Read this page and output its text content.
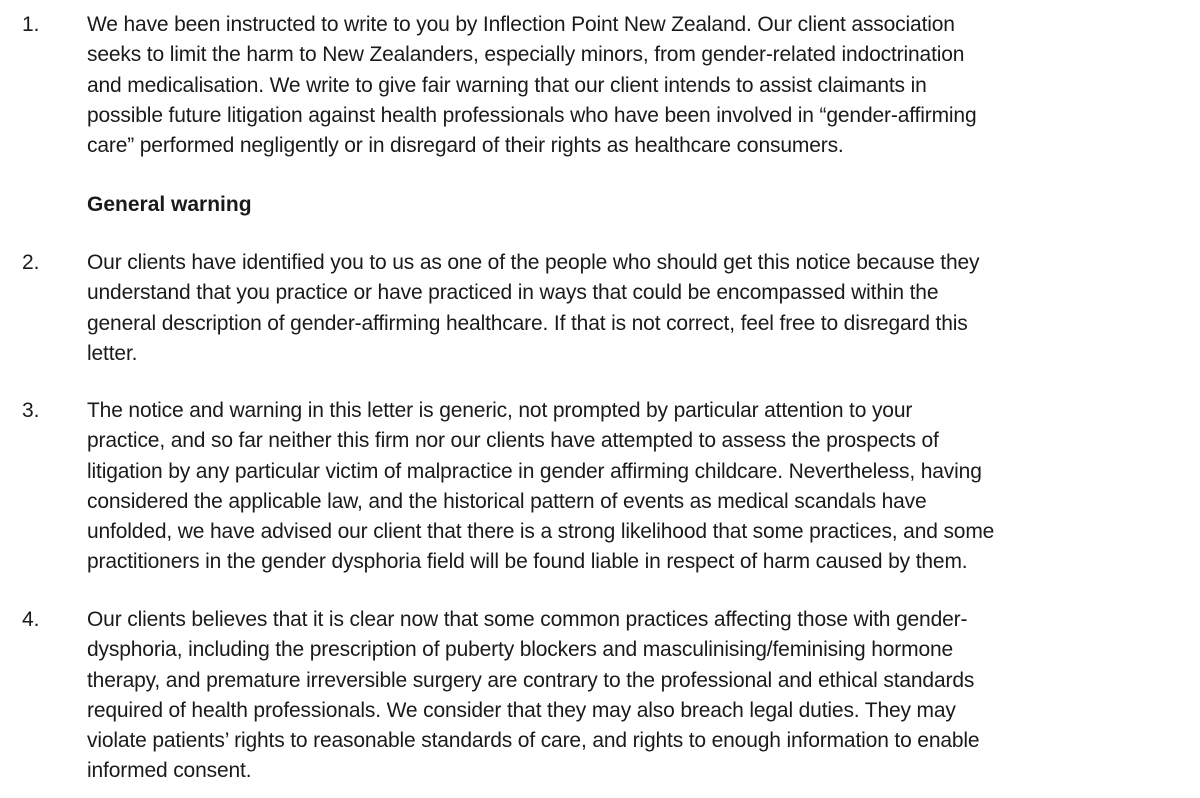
1. We have been instructed to write to you by Inflection Point New Zealand. Our client association
seeks to limit the harm to New Zealanders, especially minors, from gender-related indoctrination
and medicalisation. We write to give fair warning that our client intends to assist claimants in
possible future litigation against health professionals who have been involved in “gender-affirming
care” performed negligently or in disregard of their rights as healthcare consumers.
General warning
2. Our clients have identified you to us as one of the people who should get this notice because they
understand that you practice or have practiced in ways that could be encompassed within the
general description of gender-affirming healthcare. If that is not correct, feel free to disregard this
letter.
3. The notice and warning in this letter is generic, not prompted by particular attention to your
practice, and so far neither this firm nor our clients have attempted to assess the prospects of
litigation by any particular victim of malpractice in gender affirming childcare. Nevertheless, having
considered the applicable law, and the historical pattern of events as medical scandals have
unfolded, we have advised our client that there is a strong likelihood that some practices, and some
practitioners in the gender dysphoria field will be found liable in respect of harm caused by them.
4. Our clients believes that it is clear now that some common practices affecting those with gender-
dysphoria, including the prescription of puberty blockers and masculinising/feminising hormone
therapy, and premature irreversible surgery are contrary to the professional and ethical standards
required of health professionals. We consider that they may also breach legal duties. They may
violate patients’ rights to reasonable standards of care, and rights to enough information to enable
informed consent.
